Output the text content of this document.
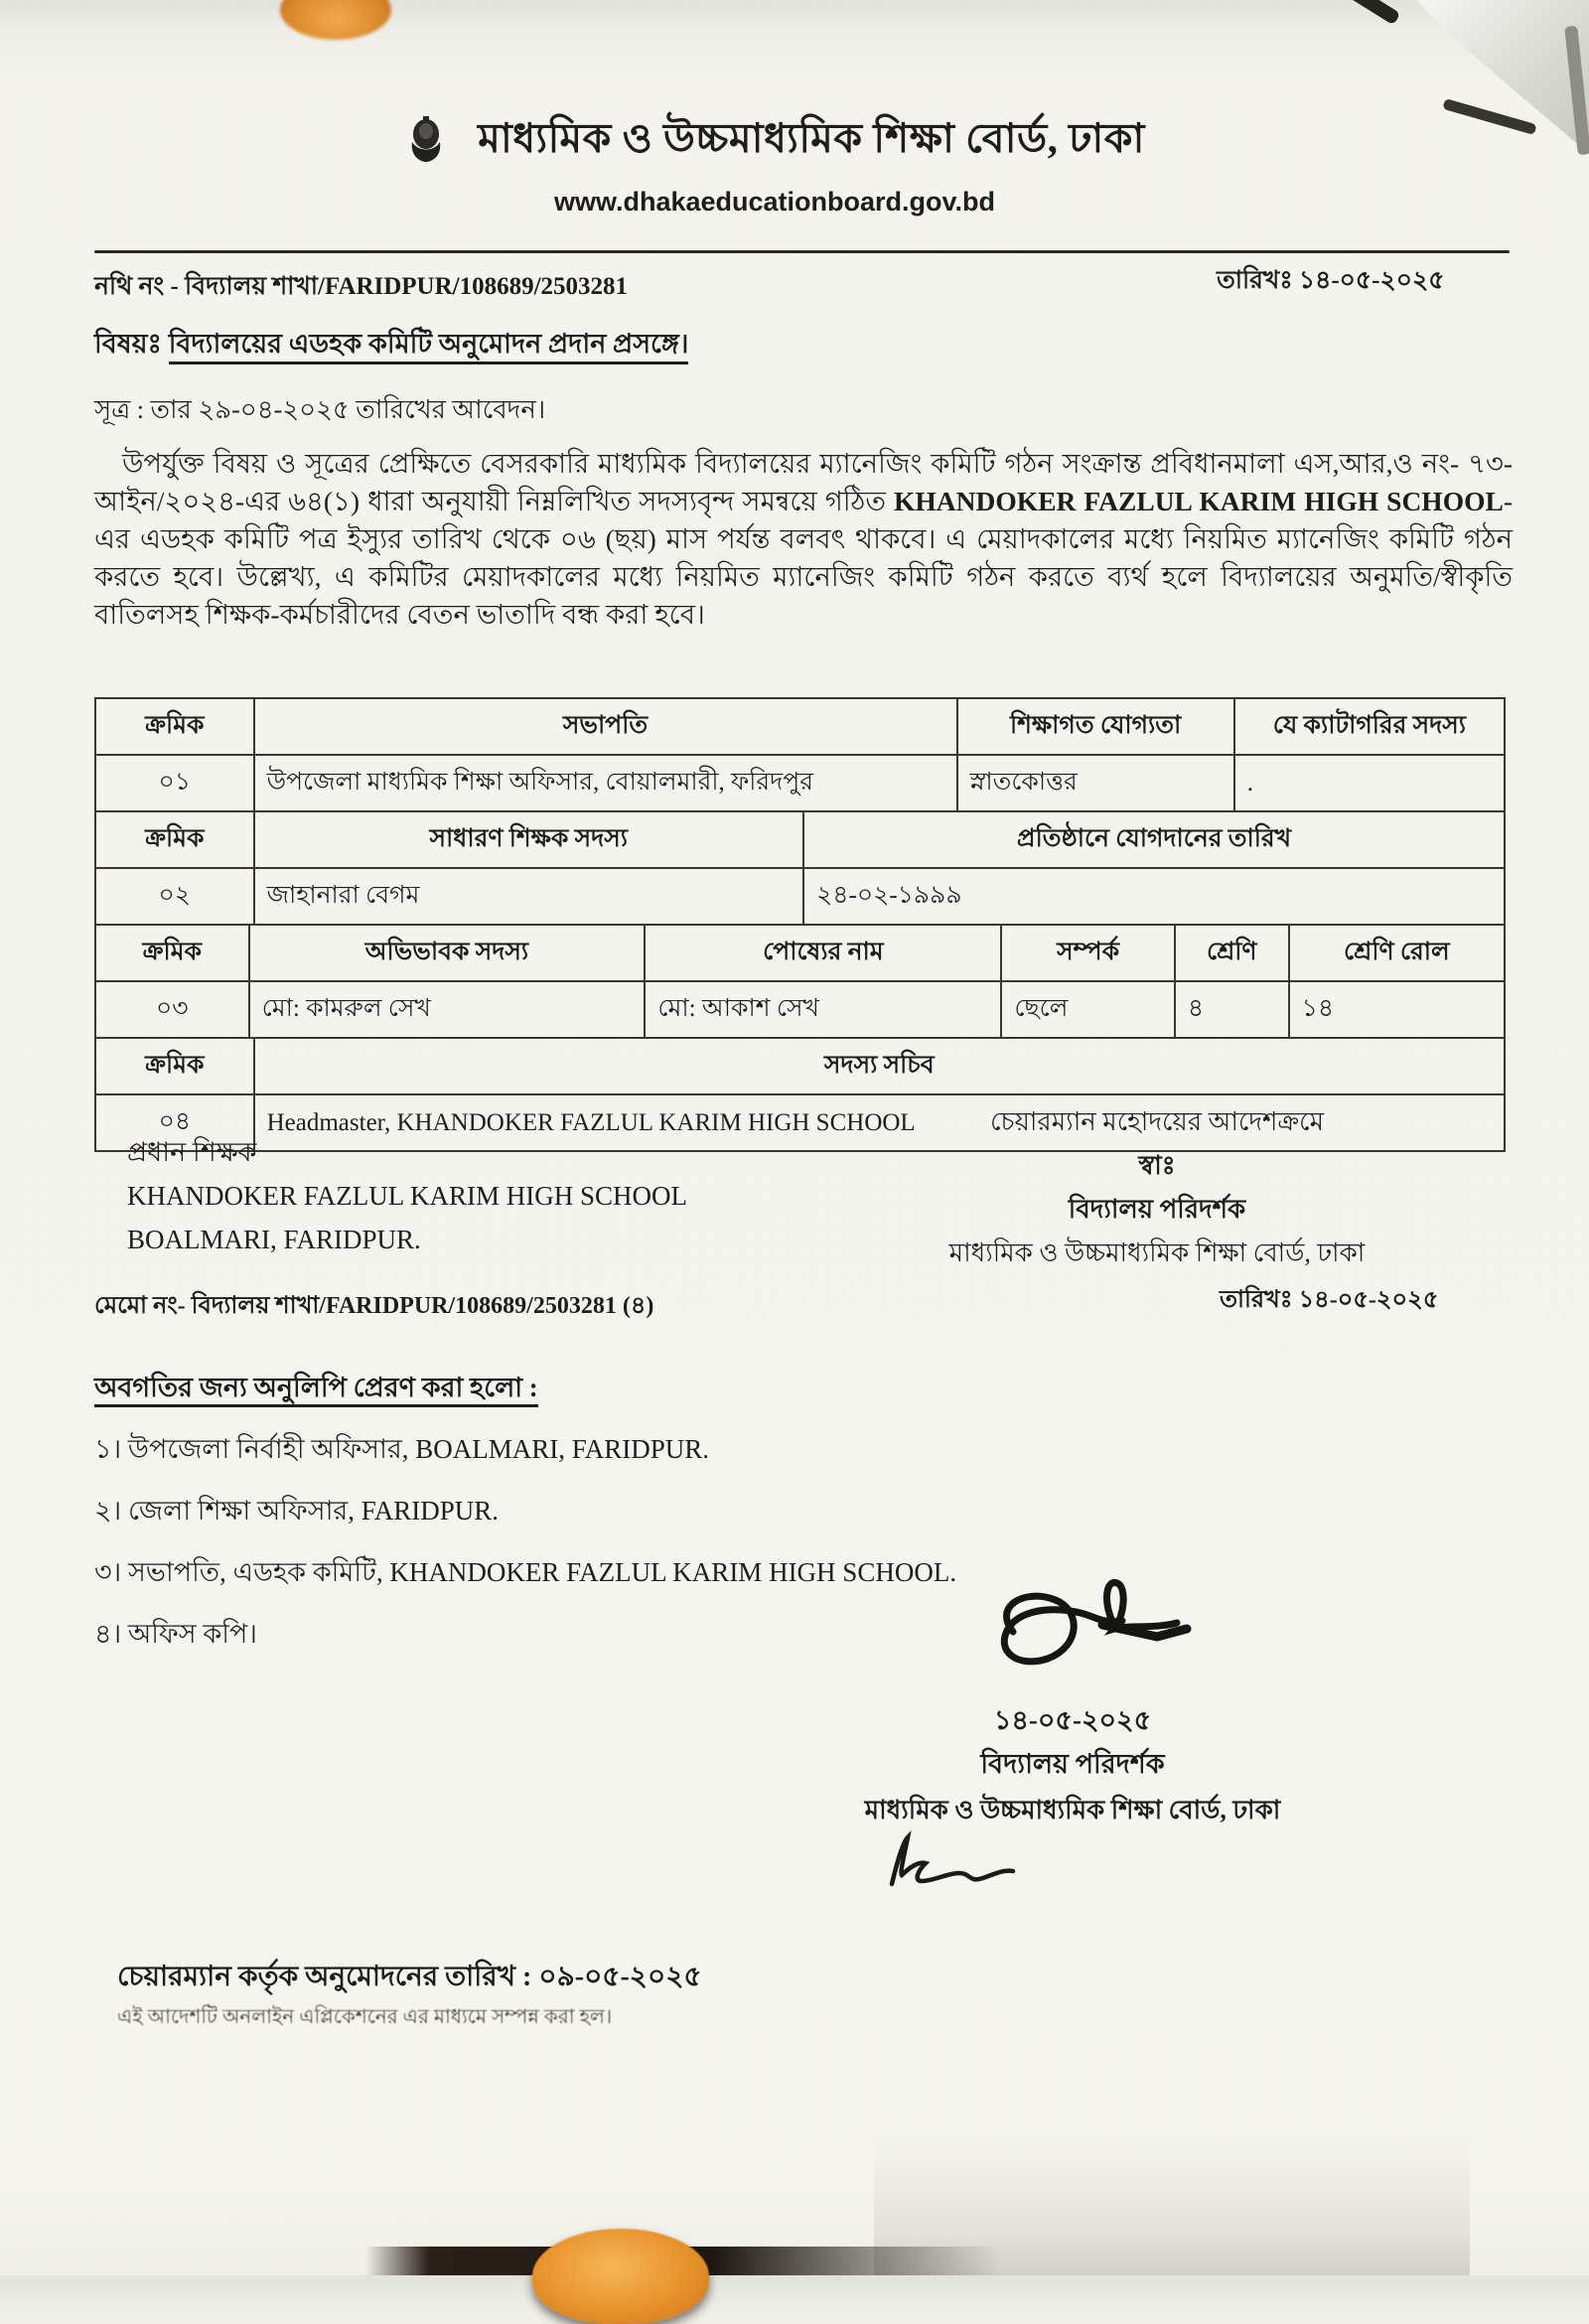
মাধ্যমিক ও উচ্চমাধ্যমিক শিক্ষা বোর্ড, ঢাকা
www.dhakaeducationboard.gov.bd
নথি নং - বিদ্যালয় শাখা/FARIDPUR/108689/2503281	তারিখঃ ১৪-০৫-২০২৫
বিষয়ঃ বিদ্যালয়ের এডহক কমিটি অনুমোদন প্রদান প্রসঙ্গে।
সূত্র : তার ২৯-০৪-২০২৫ তারিখের আবেদন।
উপর্যুক্ত বিষয় ও সূত্রের প্রেক্ষিতে বেসরকারি মাধ্যমিক বিদ্যালয়ের ম্যানেজিং কমিটি গঠন সংক্রান্ত প্রবিধানমালা এস,আর,ও নং- ৭৩-আইন/২০২৪-এর ৬৪(১) ধারা অনুযায়ী নিম্নলিখিত সদস্যবৃন্দ সমন্বয়ে গঠিত KHANDOKER FAZLUL KARIM HIGH SCHOOL-এর এডহক কমিটি পত্র ইস্যুর তারিখ থেকে ০৬ (ছয়) মাস পর্যন্ত বলবৎ থাকবে। এ মেয়াদকালের মধ্যে নিয়মিত ম্যানেজিং কমিটি গঠন করতে হবে। উল্লেখ্য, এ কমিটির মেয়াদকালের মধ্যে নিয়মিত ম্যানেজিং কমিটি গঠন করতে ব্যর্থ হলে বিদ্যালয়ের অনুমতি/স্বীকৃতি বাতিলসহ শিক্ষক-কর্মচারীদের বেতন ভাতাদি বন্ধ করা হবে।
ক্রমিক	সভাপতি	শিক্ষাগত যোগ্যতা	যে ক্যাটাগরির সদস্য
০১	উপজেলা মাধ্যমিক শিক্ষা অফিসার, বোয়ালমারী, ফরিদপুর	স্নাতকোত্তর	.
ক্রমিক	সাধারণ শিক্ষক সদস্য	প্রতিষ্ঠানে যোগদানের তারিখ
০২	জাহানারা বেগম	২৪-০২-১৯৯৯
ক্রমিক	অভিভাবক সদস্য	পোষ্যের নাম	সম্পর্ক	শ্রেণি	শ্রেণি রোল
০৩	মো: কামরুল সেখ	মো: আকাশ সেখ	ছেলে	৪	১৪
ক্রমিক	সদস্য সচিব
০৪	Headmaster, KHANDOKER FAZLUL KARIM HIGH SCHOOL	চেয়ারম্যান মহোদয়ের আদেশক্রমে
স্বাঃ
বিদ্যালয় পরিদর্শক
মাধ্যমিক ও উচ্চমাধ্যমিক শিক্ষা বোর্ড, ঢাকা
প্রধান শিক্ষক
KHANDOKER FAZLUL KARIM HIGH SCHOOL
BOALMARI, FARIDPUR.
মেমো নং- বিদ্যালয় শাখা/FARIDPUR/108689/2503281 (৪)	তারিখঃ ১৪-০৫-২০২৫
অবগতির জন্য অনুলিপি প্রেরণ করা হলো :
১। উপজেলা নির্বাহী অফিসার, BOALMARI, FARIDPUR.
২। জেলা শিক্ষা অফিসার, FARIDPUR.
৩। সভাপতি, এডহক কমিটি, KHANDOKER FAZLUL KARIM HIGH SCHOOL.
৪। অফিস কপি।
১৪-০৫-২০২৫
বিদ্যালয় পরিদর্শক
মাধ্যমিক ও উচ্চমাধ্যমিক শিক্ষা বোর্ড, ঢাকা
চেয়ারম্যান কর্তৃক অনুমোদনের তারিখ : ০৯-০৫-২০২৫
এই আদেশটি অনলাইন এপ্লিকেশনের এর মাধ্যমে সম্পন্ন করা হল।
